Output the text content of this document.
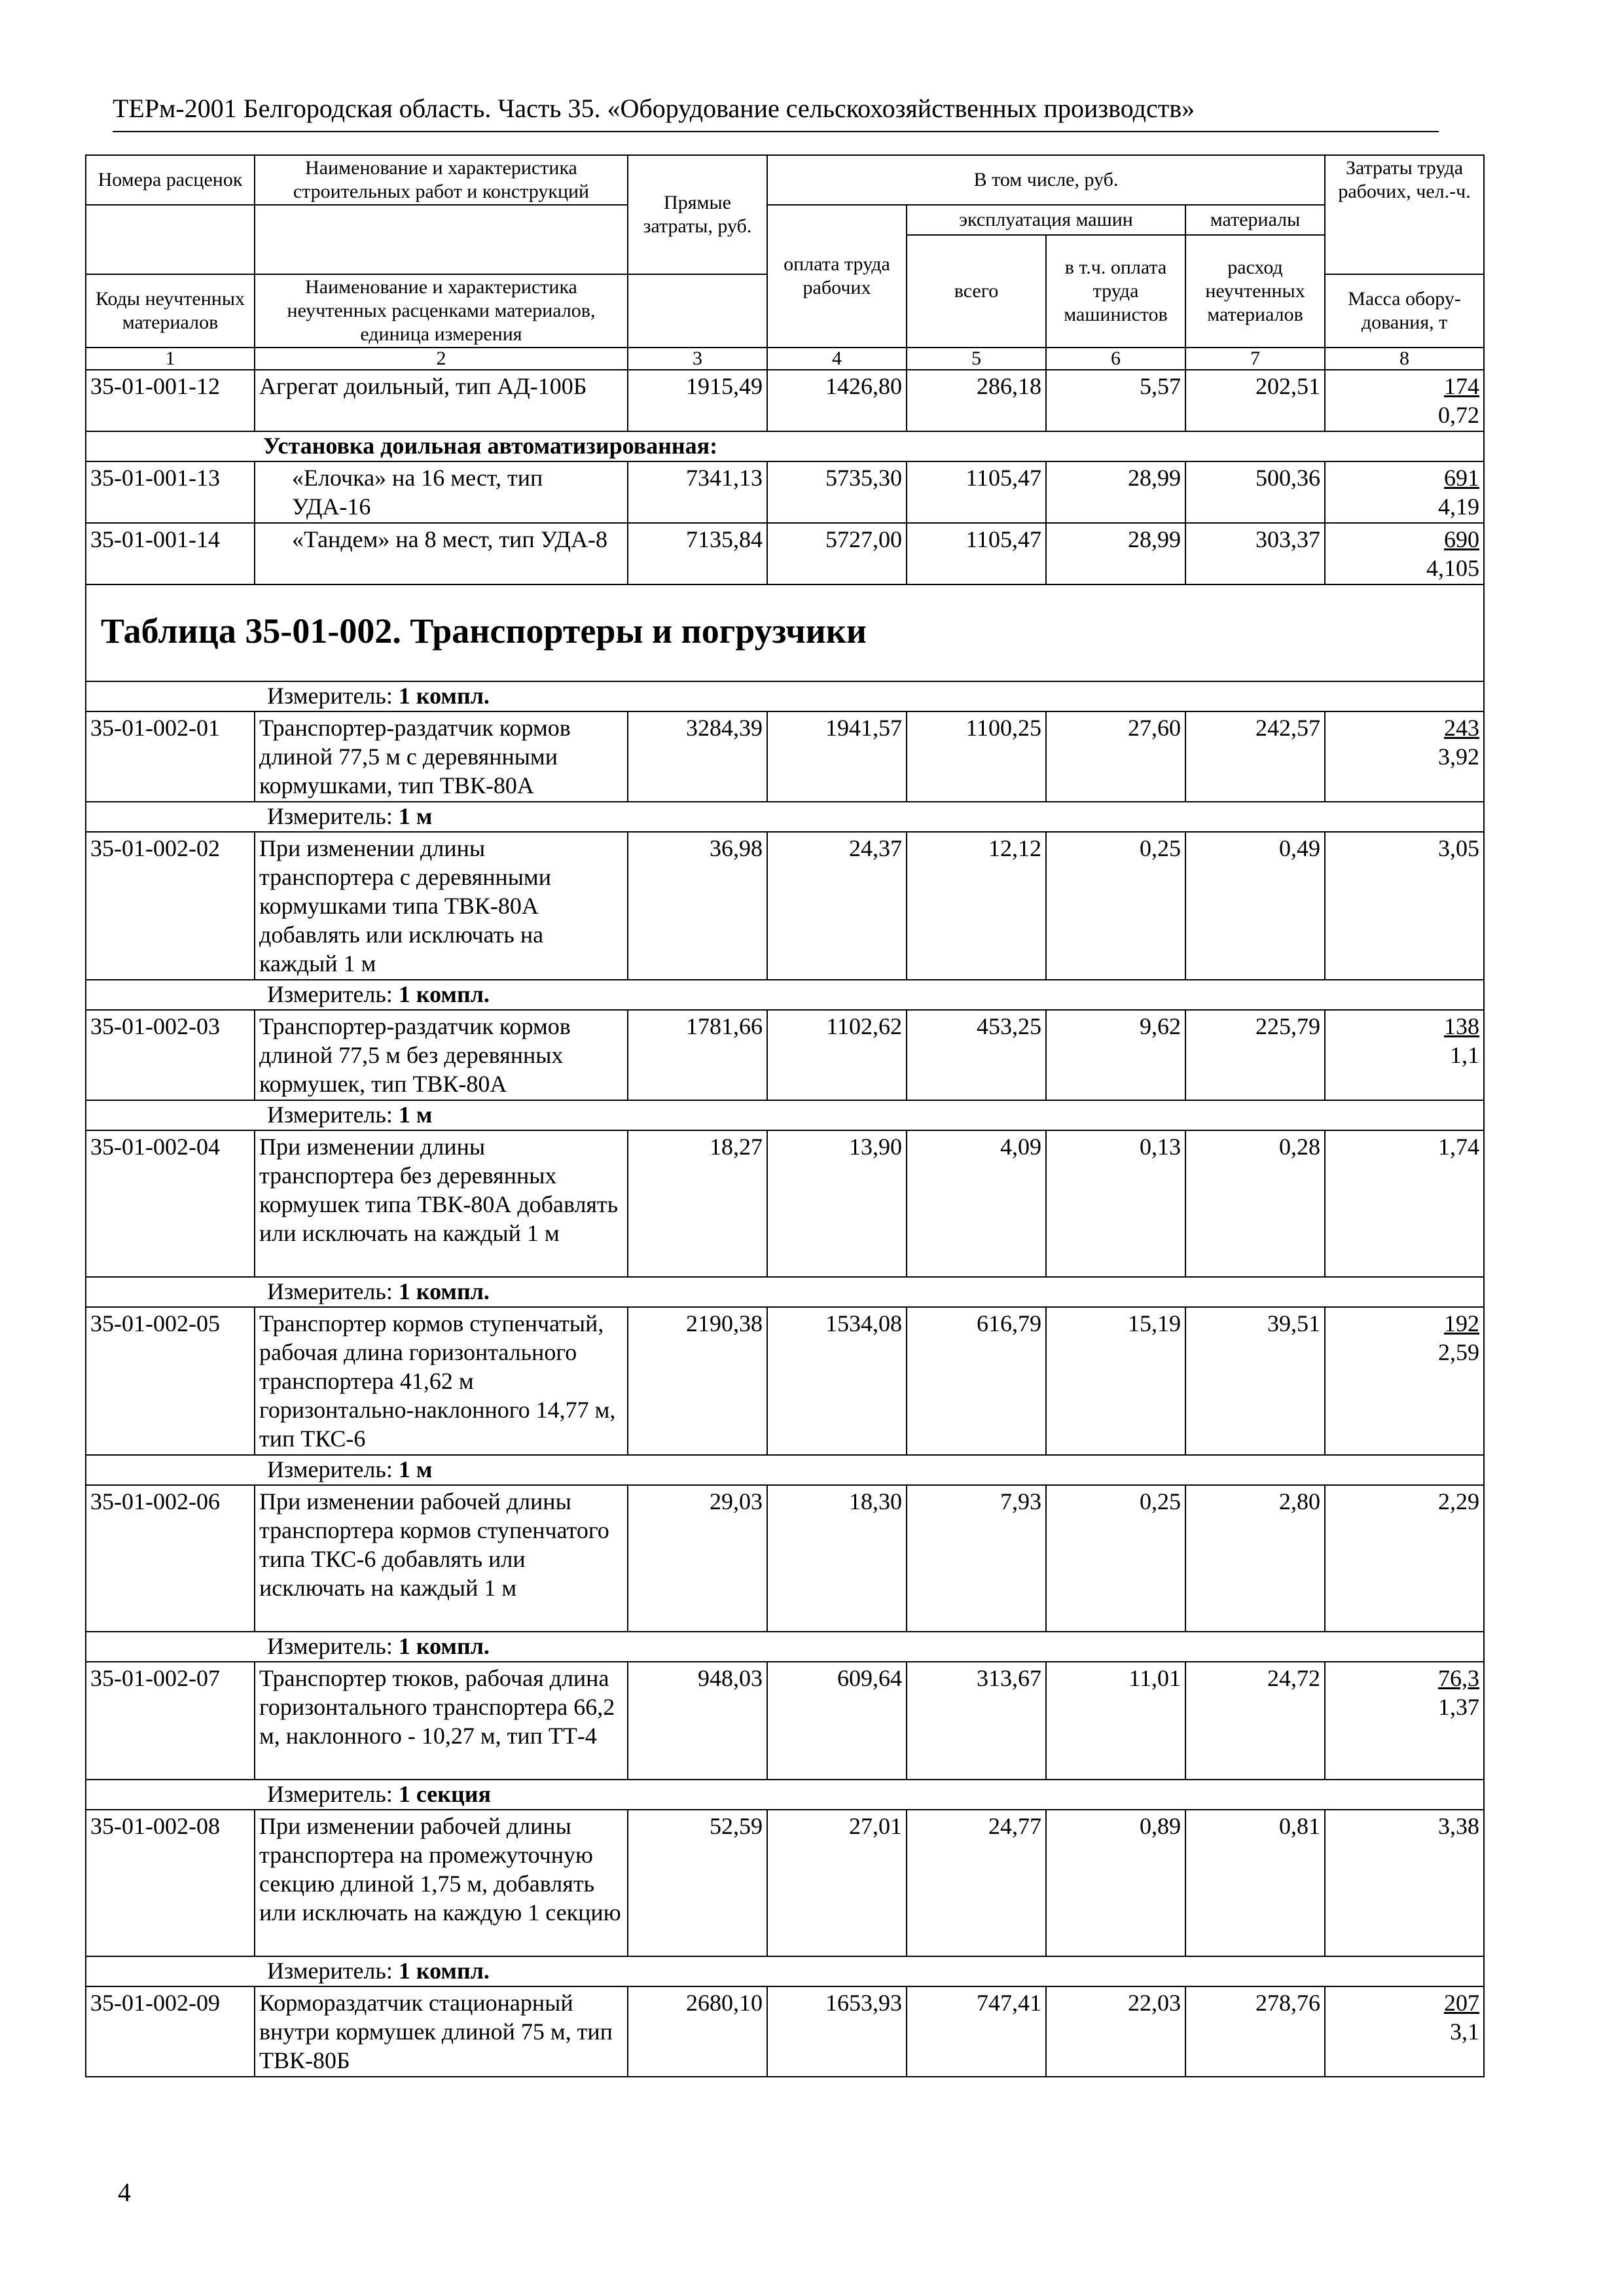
ТЕРм-2001 Белгородская область. Часть 35. «Оборудование сельскохозяйственных производств»
Номера расценок	Наименование и характеристика строительных работ и конструкций	Прямые затраты, руб.	В том числе, руб.				Затраты труда рабочих, чел.-ч.
			оплата труда рабочих	эксплуатация машин		материалы	
				всего	в т.ч. оплата труда машинистов	расход неучтенных материалов	
Коды неучтенных материалов	Наименование и характеристика неучтенных расценками материалов, единица измерения						Масса обору-дования, т
1	2	3	4	5	6	7	8
35-01-001-12	Агрегат доильный, тип АД-100Б	1915,49	1426,80	286,18	5,57	202,51	174
0,72

Установка доильная автоматизированная:							
35-01-001-13	«Елочка» на 16 мест, тип УДА-16	7341,13	5735,30	1105,47	28,99	500,36	691
4,19

35-01-001-14	«Тандем» на 8 мест, тип УДА-8	7135,84	5727,00	1105,47	28,99	303,37	690
4,105

Таблица 35-01-002. Транспортеры и погрузчики							
Измеритель: 1 компл.							
35-01-002-01	Транспортер-раздатчик кормов длиной 77,5 м с деревянными кормушками, тип ТВК-80А	3284,39	1941,57	1100,25	27,60	242,57	243
3,92

Измеритель: 1 м							
35-01-002-02	При изменении длины транспортера с деревянными кормушками типа ТВК-80А добавлять или исключать на каждый 1 м	36,98	24,37	12,12	0,25	0,49	3,05
Измеритель: 1 компл.							
35-01-002-03	Транспортер-раздатчик кормов длиной 77,5 м без деревянных кормушек, тип ТВК-80А	1781,66	1102,62	453,25	9,62	225,79	138
1,1

Измеритель: 1 м							
35-01-002-04	При изменении длины транспортера без деревянных кормушек типа ТВК-80А добавлять или исключать на каждый 1 м	18,27	13,90	4,09	0,13	0,28	1,74
Измеритель: 1 компл.							
35-01-002-05	Транспортер кормов ступенчатый, рабочая длина горизонтального транспортера 41,62 м горизонтально-наклонного 14,77 м, тип ТКС-6	2190,38	1534,08	616,79	15,19	39,51	192
2,59

Измеритель: 1 м							
35-01-002-06	При изменении рабочей длины транспортера кормов ступенчатого типа ТКС-6 добавлять или исключать на каждый 1 м	29,03	18,30	7,93	0,25	2,80	2,29
Измеритель: 1 компл.							
35-01-002-07	Транспортер тюков, рабочая длина горизонтального транспортера 66,2 м, наклонного - 10,27 м, тип ТТ-4	948,03	609,64	313,67	11,01	24,72	76,3
1,37

Измеритель: 1 секция							
35-01-002-08	При изменении рабочей длины транспортера на промежуточную секцию длиной 1,75 м, добавлять или исключать на каждую 1 секцию	52,59	27,01	24,77	0,89	0,81	3,38
Измеритель: 1 компл.							
35-01-002-09	Кормораздатчик стационарный внутри кормушек длиной 75 м, тип ТВК-80Б	2680,10	1653,93	747,41	22,03	278,76	207
3,1
4
